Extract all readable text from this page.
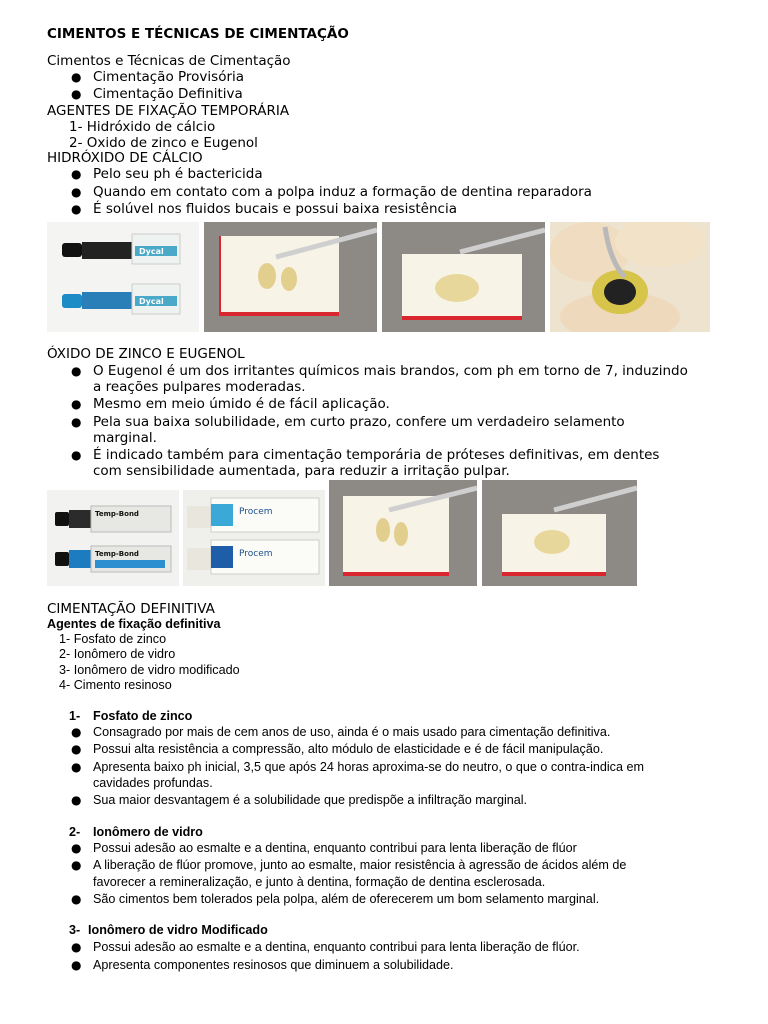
CIMENTOS E TÉCNICAS DE CIMENTAÇÃO
Cimentos e Técnicas de Cimentação
● Cimentação Provisória
● Cimentação Definitiva
AGENTES DE FIXAÇÃO TEMPORÁRIA
1- Hidróxido de cálcio
2- Oxido de zinco e Eugenol
HIDRÓXIDO DE CÁLCIO
● Pelo seu ph é bactericida
● Quando em contato com a polpa induz a formação de dentina reparadora
● É solúvel nos fluidos bucais e possui baixa resistência
Dycal
Dycal
ÓXIDO DE ZINCO E EUGENOL
● O Eugenol é um dos irritantes químicos mais brandos, com ph em torno de 7, induzindo
a reações pulpares moderadas.
● Mesmo em meio úmido é de fácil aplicação.
● Pela sua baixa solubilidade, em curto prazo, confere um verdadeiro selamento
marginal.
● É indicado também para cimentação temporária de próteses definitivas, em dentes
com sensibilidade aumentada, para reduzir a irritação pulpar.
Temp-Bond
Temp-Bond
Procem
Procem
CIMENTAÇÃO DEFINITIVA
Agentes de fixação definitiva
1- Fosfato de zinco
2- Ionômero de vidro
3- Ionômero de vidro modificado
4- Cimento resinoso
1- Fosfato de zinco
● Consagrado por mais de cem anos de uso, ainda é o mais usado para cimentação definitiva.
● Possui alta resistência a compressão, alto módulo de elasticidade e é de fácil manipulação.
● Apresenta baixo ph inicial, 3,5 que após 24 horas aproxima-se do neutro, o que o contra-indica em
cavidades profundas.
● Sua maior desvantagem é a solubilidade que predispõe a infiltração marginal.
2- Ionômero de vidro
● Possui adesão ao esmalte e a dentina, enquanto contribui para lenta liberação de flúor
● A liberação de flúor promove, junto ao esmalte, maior resistência à agressão de ácidos além de
favorecer a remineralização, e junto à dentina, formação de dentina esclerosada.
● São cimentos bem tolerados pela polpa, além de oferecerem um bom selamento marginal.
3- Ionômero de vidro Modificado
● Possui adesão ao esmalte e a dentina, enquanto contribui para lenta liberação de flúor.
● Apresenta componentes resinosos que diminuem a solubilidade.
